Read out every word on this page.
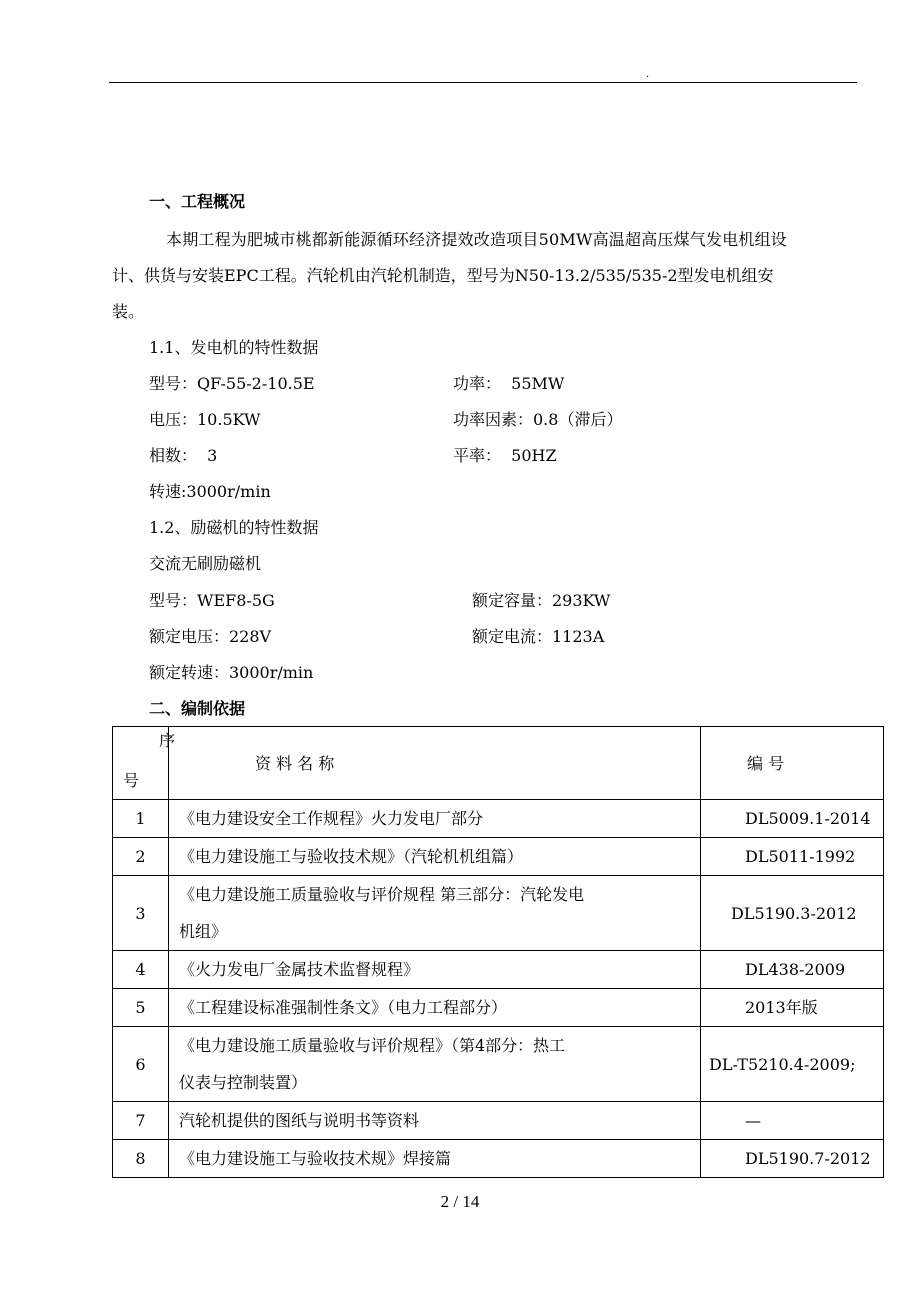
.
一、工程概况
本期工程为肥城市桃都新能源循环经济提效改造项目50MW高温超高压煤气发电机组设
计、供货与安装EPC工程。汽轮机由汽轮机制造，型号为N50-13.2/535/535-2型发电机组安
装。
1.1、发电机的特性数据
型号：QF-55-2-10.5E	功率：  55MW
电压：10.5KW	功率因素：0.8（滞后）
相数：  3	平率：  50HZ
转速:3000r/min
1.2、励磁机的特性数据
交流无刷励磁机
型号：WEF8-5G	额定容量：293KW
额定电压：228V	额定电流：1123A
额定转速：3000r/min
二、编制依据
序
号	资 料 名 称	编 号

1	《电力建设安全工作规程》火力发电厂部分	DL5009.1-2014

2	《电力建设施工与验收技术规》（汽轮机机组篇）	DL5011-1992

3	《电力建设施工质量验收与评价规程 第三部分：汽轮发电
机组》	DL5190.3-2012

4	《火力发电厂金属技术监督规程》	DL438-2009

5	《工程建设标准强制性条文》（电力工程部分）	2013年版

6	《电力建设施工质量验收与评价规程》（第4部分：热工
仪表与控制装置）	DL-T5210.4-2009;

7	汽轮机提供的图纸与说明书等资料	—

8	《电力建设施工与验收技术规》焊接篇	DL5190.7-2012
2 / 14
